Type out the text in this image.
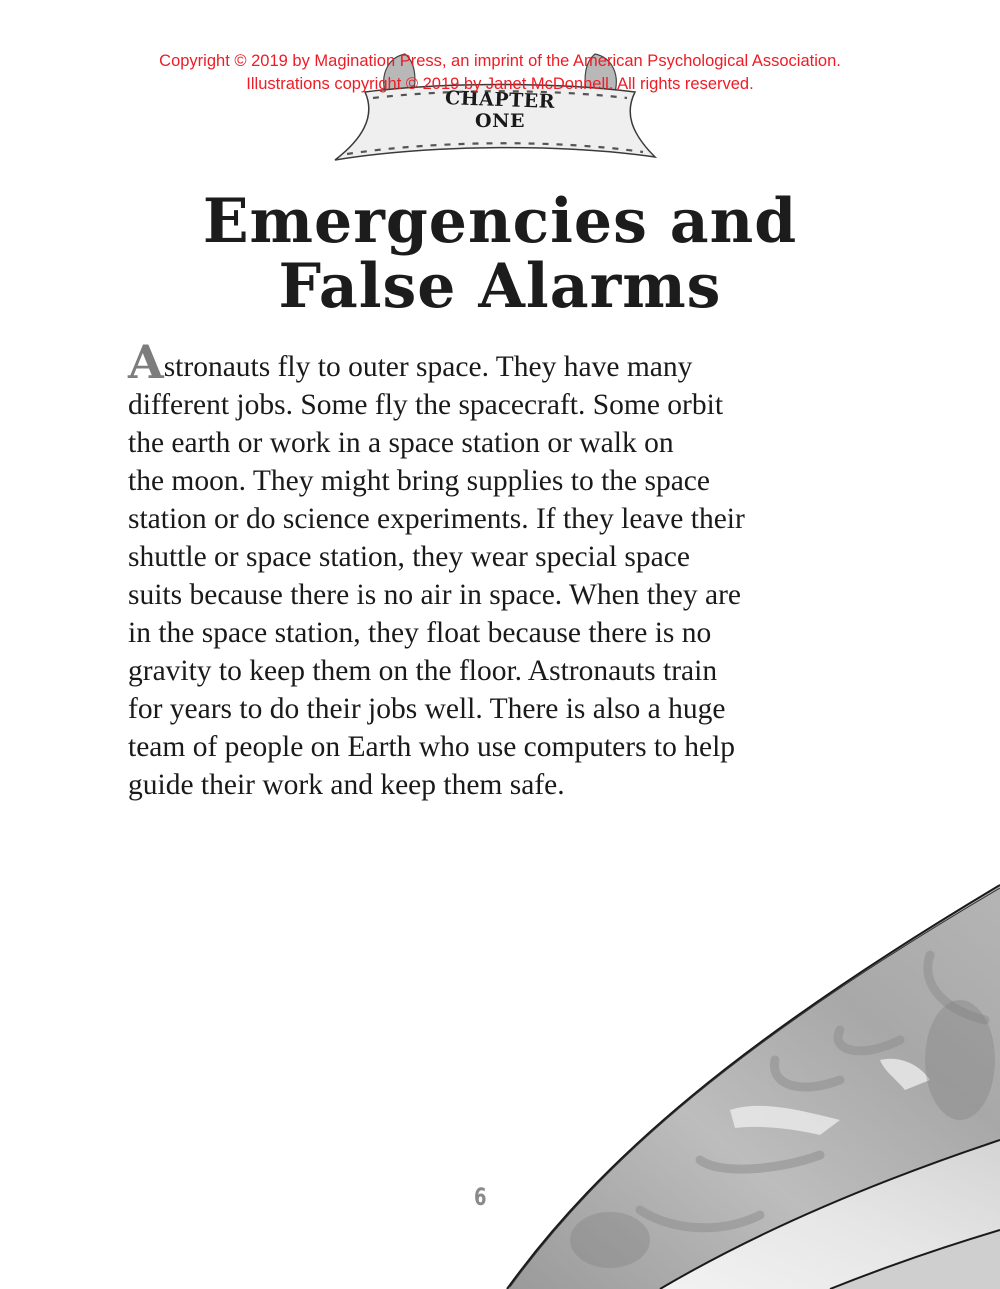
Copyright © 2019 by Magination Press, an imprint of the American Psychological Association.
Illustrations copyright © 2019 by Janet McDonnell. All rights reserved.
CHAPTER
ONE
Emergencies and
False Alarms
Astronauts fly to outer space. They have many
different jobs. Some fly the spacecraft. Some orbit
the earth or work in a space station or walk on
the moon. They might bring supplies to the space
station or do science experiments. If they leave their
shuttle or space station, they wear special space
suits because there is no air in space. When they are
in the space station, they float because there is no
gravity to keep them on the floor. Astronauts train
for years to do their jobs well. There is also a huge
team of people on Earth who use computers to help
guide their work and keep them safe.
6
